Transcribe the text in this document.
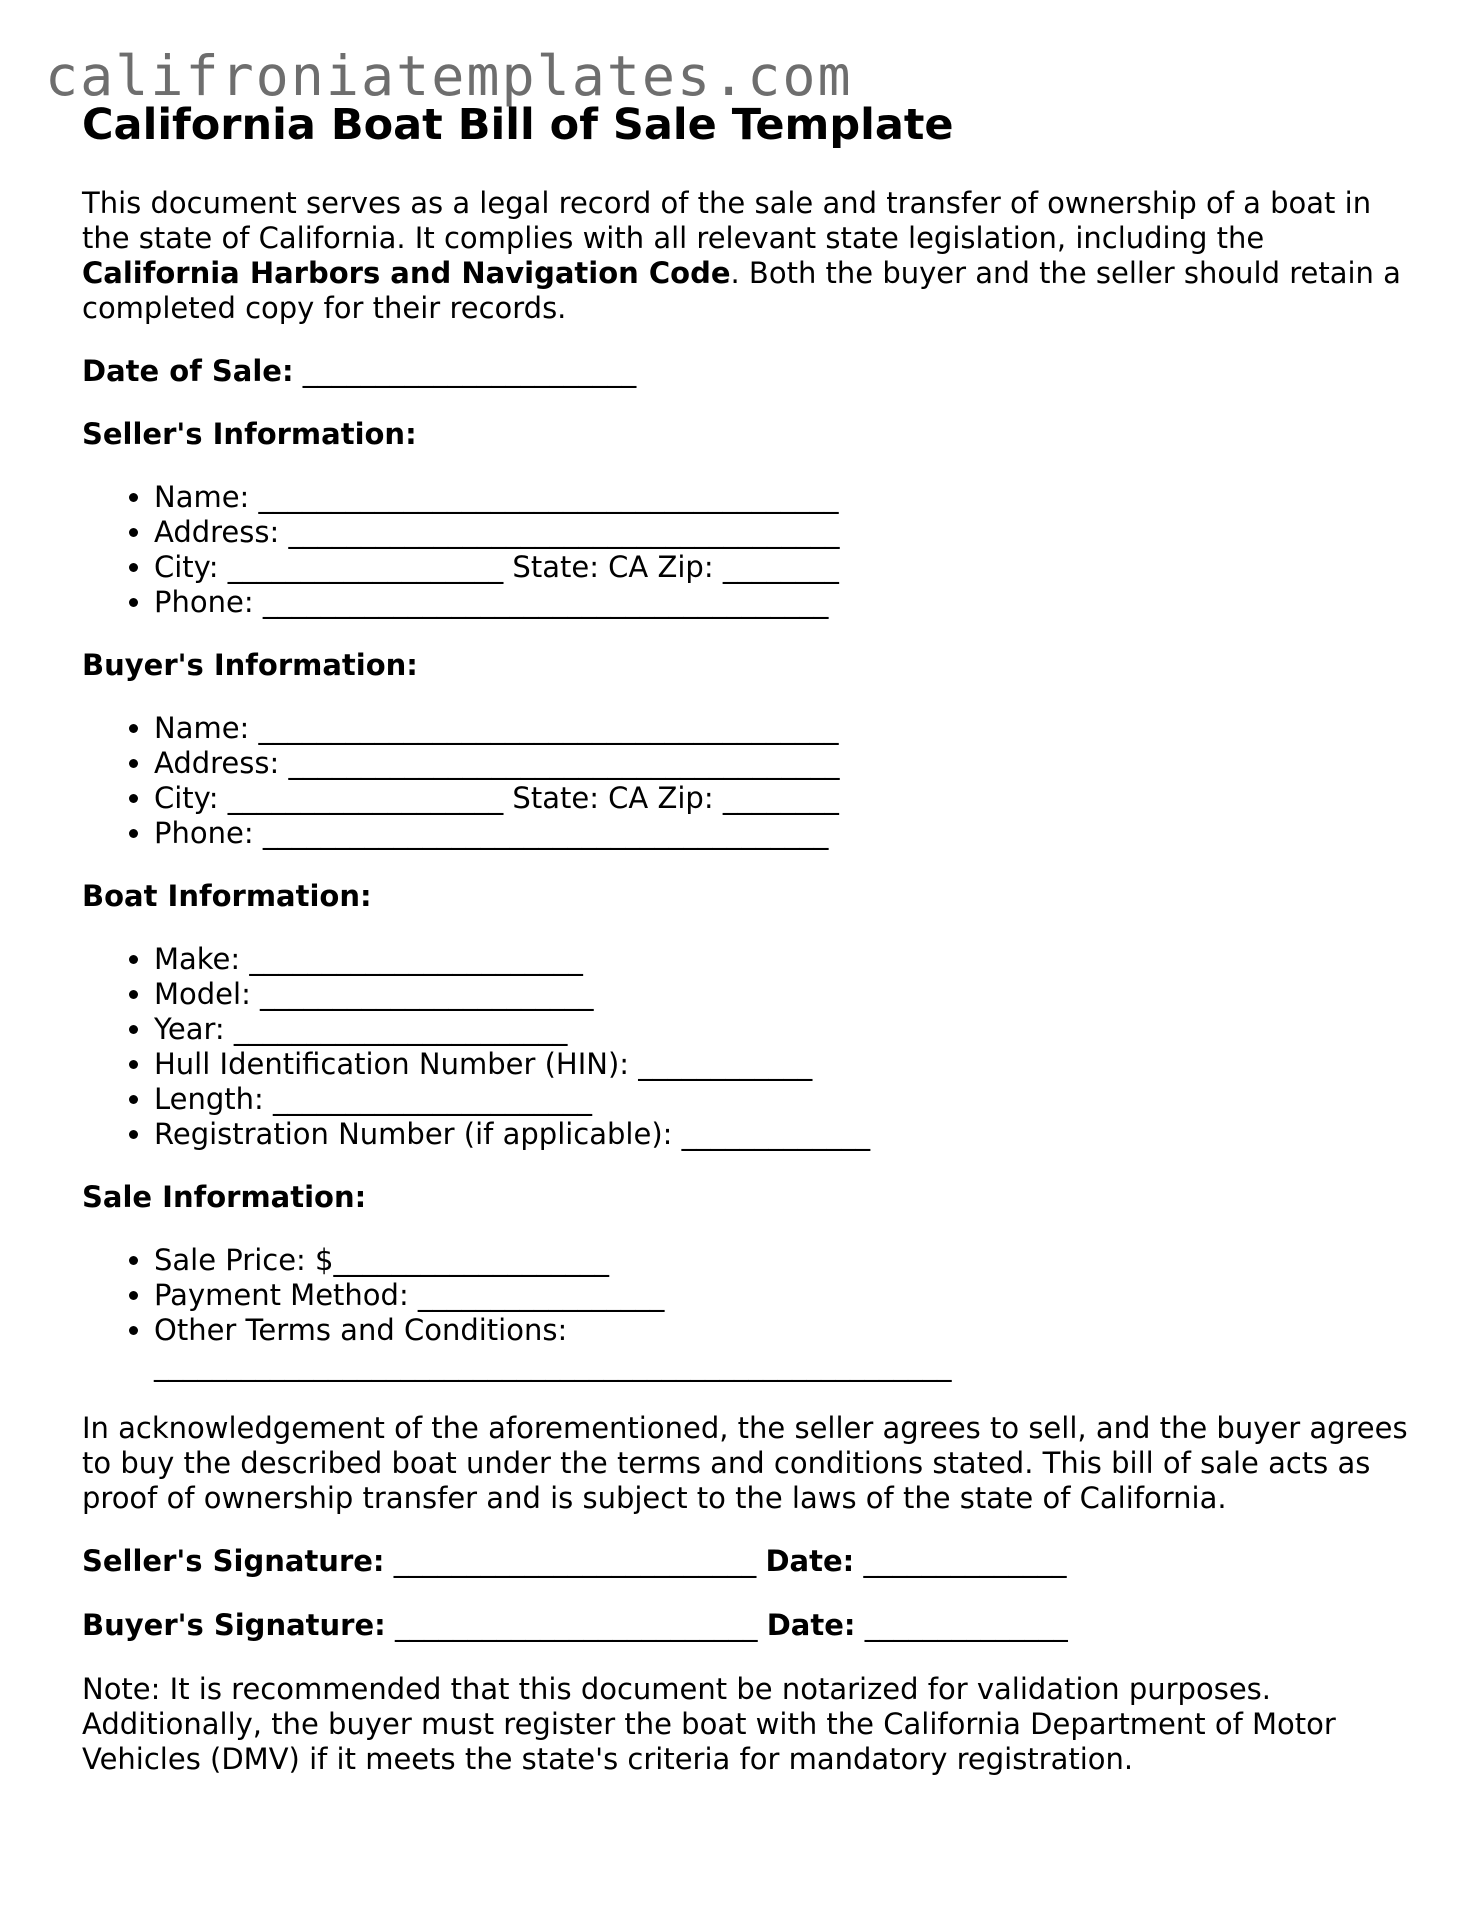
califroniatemplates.com
California Boat Bill of Sale Template

This document serves as a legal record of the sale and transfer of ownership of a boat in the state of California. It complies with all relevant state legislation, including the California Harbors and Navigation Code. Both the buyer and the seller should retain a completed copy for their records.

Date of Sale: _______________________

Seller's Information:
• Name: ________________________________________
• Address: ______________________________________
• City: ___________________ State: CA Zip: ________
• Phone: _______________________________________
Buyer's Information:
• Name: ________________________________________
• Address: ______________________________________
• City: ___________________ State: CA Zip: ________
• Phone: _______________________________________
Boat Information:
• Make: _______________________
• Model: _______________________
• Year: _______________________
• Hull Identification Number (HIN): ____________
• Length: ______________________
• Registration Number (if applicable): _____________
Sale Information:
• Sale Price: $___________________
• Payment Method: _________________
• Other Terms and Conditions: _______________________________________________________

In acknowledgement of the aforementioned, the seller agrees to sell, and the buyer agrees to buy the described boat under the terms and conditions stated. This bill of sale acts as proof of ownership transfer and is subject to the laws of the state of California.

Seller's Signature: _________________________ Date: ______________

Buyer's Signature: _________________________ Date: ______________

Note: It is recommended that this document be notarized for validation purposes. Additionally, the buyer must register the boat with the California Department of Motor Vehicles (DMV) if it meets the state's criteria for mandatory registration.
